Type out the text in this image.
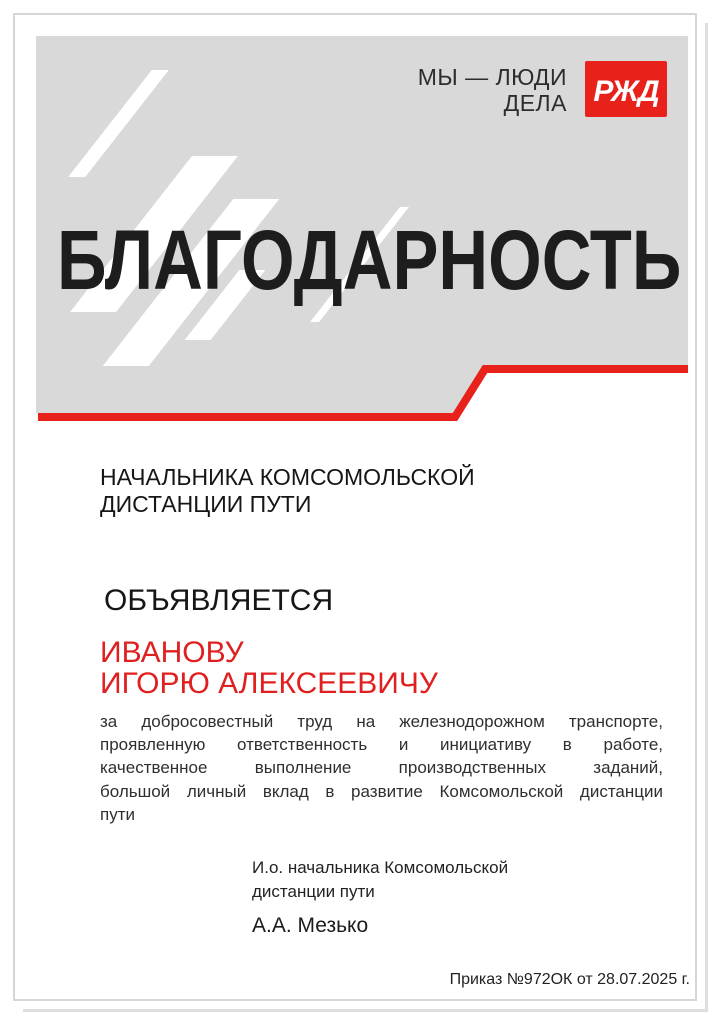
МЫ — ЛЮДИ
ДЕЛА РЖД
БЛАГОДАРНОСТЬ
НАЧАЛЬНИКА КОМСОМОЛЬСКОЙ
ДИСТАНЦИИ ПУТИ
ОБЪЯВЛЯЕТСЯ
ИВАНОВУ
ИГОРЮ АЛЕКСЕЕВИЧУ
за добросовестный труд на железнодорожном транспорте,
проявленную ответственность и инициативу в работе,
качественное выполнение производственных заданий,
большой личный вклад в развитие Комсомольской дистанции
пути
И.о. начальника Комсомольской
дистанции пути
А.А. Мезько
Приказ №972ОК от 28.07.2025 г.
